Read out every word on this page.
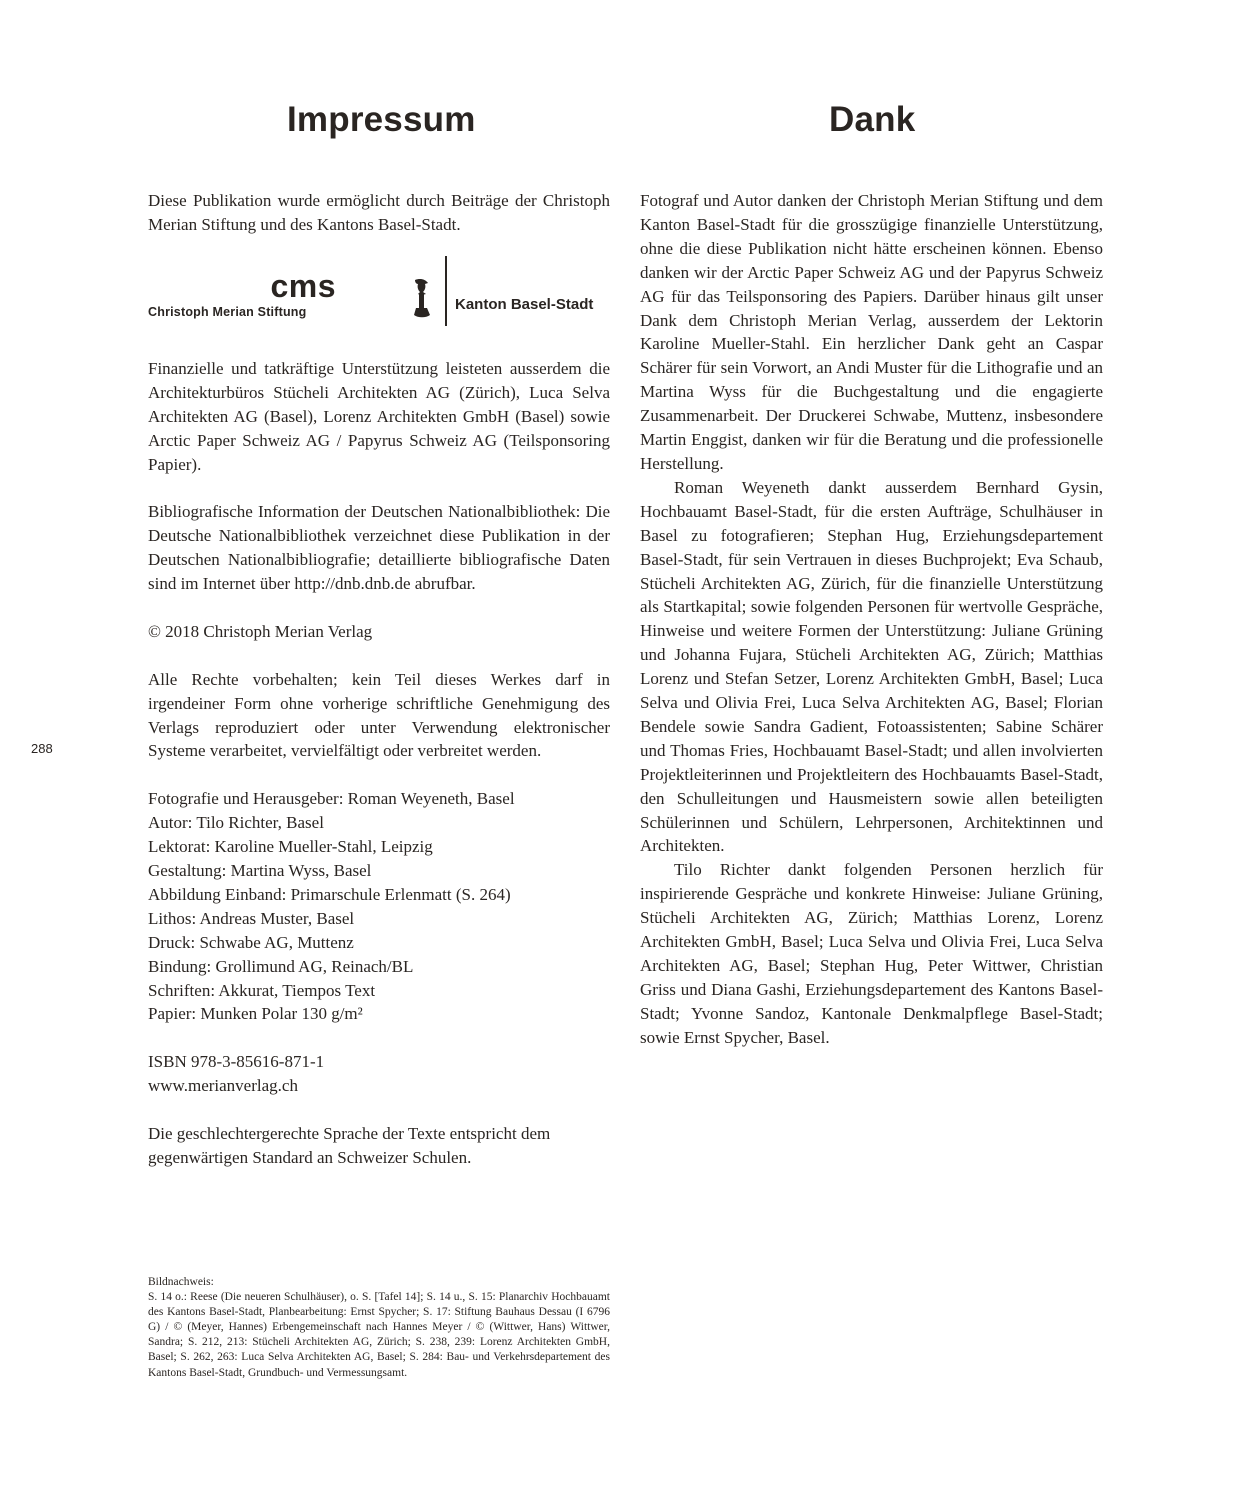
Impressum	Dank
288

Diese Publikation wurde ermöglicht durch Beiträge der Christoph Merian Stiftung und des Kantons Basel-Stadt.

cms
Christoph Merian Stiftung	Kanton Basel-Stadt

Finanzielle und tatkräftige Unterstützung leisteten ausserdem die Architekturbüros Stücheli Architekten AG (Zürich), Luca Selva Architekten AG (Basel), Lorenz Architekten GmbH (Basel) sowie Arctic Paper Schweiz AG / Papyrus Schweiz AG (Teilsponsoring Papier).

Bibliografische Information der Deutschen Nationalbibliothek: Die Deutsche Nationalbibliothek verzeichnet diese Publikation in der Deutschen Nationalbibliografie; detaillierte bibliografische Daten sind im Internet über http://dnb.dnb.de abrufbar.

© 2018 Christoph Merian Verlag

Alle Rechte vorbehalten; kein Teil dieses Werkes darf in irgendeiner Form ohne vorherige schriftliche Genehmigung des Verlags reproduziert oder unter Verwendung elektronischer Systeme verarbeitet, vervielfältigt oder verbreitet werden.

Fotografie und Herausgeber: Roman Weyeneth, Basel
Autor: Tilo Richter, Basel
Lektorat: Karoline Mueller-Stahl, Leipzig
Gestaltung: Martina Wyss, Basel
Abbildung Einband: Primarschule Erlenmatt (S. 264)
Lithos: Andreas Muster, Basel
Druck: Schwabe AG, Muttenz
Bindung: Grollimund AG, Reinach/BL
Schriften: Akkurat, Tiempos Text
Papier: Munken Polar 130 g/m²

ISBN 978-3-85616-871-1
www.merianverlag.ch

Die geschlechtergerechte Sprache der Texte entspricht dem gegenwärtigen Standard an Schweizer Schulen.

Bildnachweis:

S. 14 o.: Reese (Die neueren Schulhäuser), o. S. [Tafel 14]; S. 14 u., S. 15: Planarchiv Hochbauamt des Kantons Basel-Stadt, Planbearbeitung: Ernst Spycher; S. 17: Stiftung Bauhaus Dessau (I 6796 G) / © (Meyer, Hannes) Erbengemeinschaft nach Hannes Meyer / © (Wittwer, Hans) Wittwer, Sandra; S. 212, 213: Stücheli Architekten AG, Zürich; S. 238, 239: Lorenz Architekten GmbH, Basel; S. 262, 263: Luca Selva Architekten AG, Basel; S. 284: Bau- und Verkehrsdepartement des Kantons Basel-Stadt, Grundbuch- und Vermessungsamt.

Fotograf und Autor danken der Christoph Merian Stiftung und dem Kanton Basel-Stadt für die grosszügige finanzielle Unterstützung, ohne die diese Publikation nicht hätte erscheinen können. Ebenso danken wir der Arctic Paper Schweiz AG und der Papyrus Schweiz AG für das Teilsponsoring des Papiers. Darüber hinaus gilt unser Dank dem Christoph Merian Verlag, ausserdem der Lektorin Karoline Mueller-Stahl. Ein herzlicher Dank geht an Caspar Schärer für sein Vorwort, an Andi Muster für die Lithografie und an Martina Wyss für die Buchgestaltung und die engagierte Zusammenarbeit. Der Druckerei Schwabe, Muttenz, insbesondere Martin Enggist, danken wir für die Beratung und die professionelle Herstellung.

Roman Weyeneth dankt ausserdem Bernhard Gysin, Hochbauamt Basel-Stadt, für die ersten Aufträge, Schulhäuser in Basel zu fotografieren; Stephan Hug, Erziehungsdepartement Basel-Stadt, für sein Vertrauen in dieses Buchprojekt; Eva Schaub, Stücheli Architekten AG, Zürich, für die finanzielle Unterstützung als Startkapital; sowie folgenden Personen für wertvolle Gespräche, Hinweise und weitere Formen der Unterstützung: Juliane Grüning und Johanna Fujara, Stücheli Architekten AG, Zürich; Matthias Lorenz und Stefan Setzer, Lorenz Architekten GmbH, Basel; Luca Selva und Olivia Frei, Luca Selva Architekten AG, Basel; Florian Bendele sowie Sandra Gadient, Fotoassistenten; Sabine Schärer und Thomas Fries, Hochbauamt Basel-Stadt; und allen involvierten Projektleiterinnen und Projektleitern des Hochbauamts Basel-Stadt, den Schulleitungen und Hausmeistern sowie allen beteiligten Schülerinnen und Schülern, Lehrpersonen, Architektinnen und Architekten.

Tilo Richter dankt folgenden Personen herzlich für inspirierende Gespräche und konkrete Hinweise: Juliane Grüning, Stücheli Architekten AG, Zürich; Matthias Lorenz, Lorenz Architekten GmbH, Basel; Luca Selva und Olivia Frei, Luca Selva Architekten AG, Basel; Stephan Hug, Peter Wittwer, Christian Griss und Diana Gashi, Erziehungsdepartement des Kantons Basel-Stadt; Yvonne Sandoz, Kantonale Denkmalpflege Basel-Stadt; sowie Ernst Spycher, Basel.
